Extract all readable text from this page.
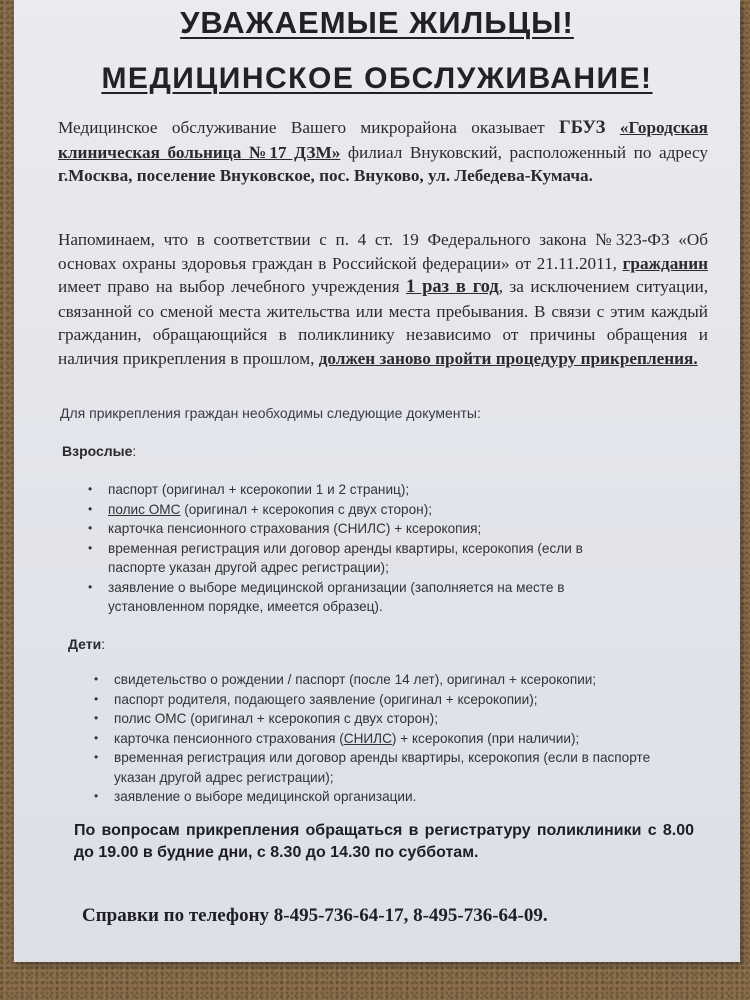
УВАЖАЕМЫЕ ЖИЛЬЦЫ!
МЕДИЦИНСКОЕ ОБСЛУЖИВАНИЕ!
Медицинское обслуживание Вашего микрорайона оказывает ГБУЗ «Городская клиническая больница №17 ДЗМ» филиал Внуковский, расположенный по адресу г.Москва, поселение Внуковское, пос. Внуково, ул. Лебедева-Кумача.
Напоминаем, что в соответствии с п. 4 ст. 19 Федерального закона №323-ФЗ «Об основах охраны здоровья граждан в Российской федерации» от 21.11.2011, гражданин имеет право на выбор лечебного учреждения 1 раз в год, за исключением ситуации, связанной со сменой места жительства или места пребывания. В связи с этим каждый гражданин, обращающийся в поликлинику независимо от причины обращения и наличия прикрепления в прошлом, должен заново пройти процедуру прикрепления.
Для прикрепления граждан необходимы следующие документы:
Взрослые:
• паспорт (оригинал + ксерокопии 1 и 2 страниц);
• полис ОМС (оригинал + ксерокопия с двух сторон);
• карточка пенсионного страхования (СНИЛС) + ксерокопия;
• временная регистрация или договор аренды квартиры, ксерокопия (если в паспорте указан другой адрес регистрации);
• заявление о выборе медицинской организации (заполняется на месте в установленном порядке, имеется образец).
Дети:
• свидетельство о рождении / паспорт (после 14 лет), оригинал + ксерокопии;
• паспорт родителя, подающего заявление (оригинал + ксерокопии);
• полис ОМС (оригинал + ксерокопия с двух сторон);
• карточка пенсионного страхования (СНИЛС) + ксерокопия (при наличии);
• временная регистрация или договор аренды квартиры, ксерокопия (если в паспорте указан другой адрес регистрации);
• заявление о выборе медицинской организации.
По вопросам прикрепления обращаться в регистратуру поликлиники с 8.00 до 19.00 в будние дни, с 8.30 до 14.30 по субботам.
Справки по телефону 8-495-736-64-17, 8-495-736-64-09.
